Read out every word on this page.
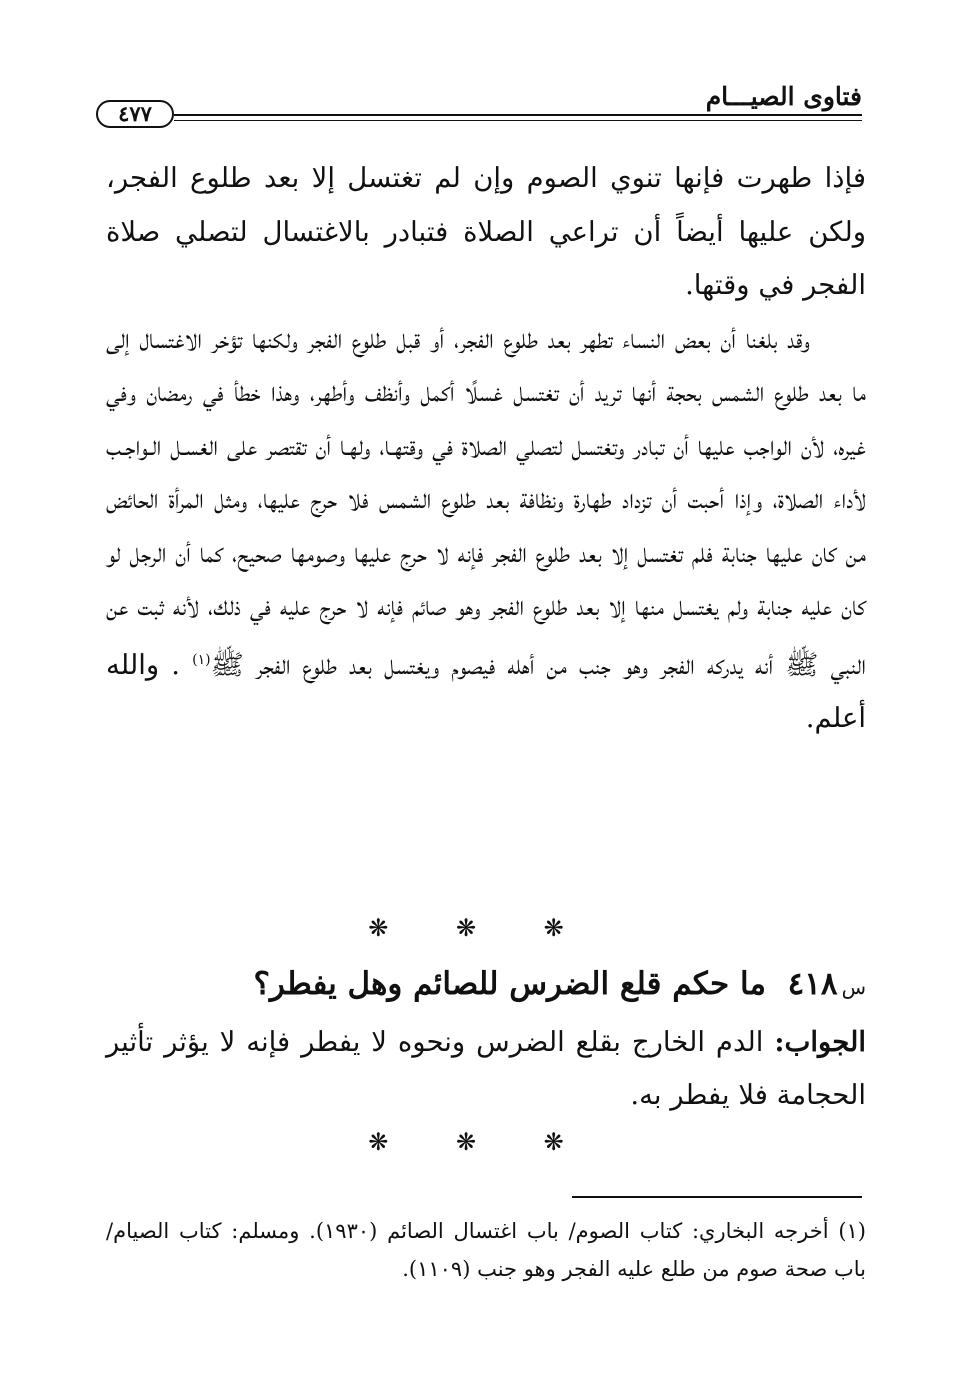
فتاوى الصيـــام
٤٧٧

فإذا طهرت فإنها تنوي الصوم وإن لم تغتسل إلا بعد طلوع الفجر، ولكن عليها أيضاً أن تراعي الصلاة فتبادر بالاغتسال لتصلي صلاة الفجر في وقتها.

وقد بلغنا أن بعض النساء تطهر بعد طلوع الفجر، أو قبل طلوع الفجر ولكنها تؤخر الاغتسال إلى ما بعد طلوع الشمس بحجة أنها تريد أن تغتسل غسلًا أكمل وأنظف وأطهر، وهذا خطأ في رمضان وفي غيره، لأن الواجب عليها أن تبادر وتغتسل لتصلي الصلاة في وقتهـا، ولهـا أن تقتصر على الغسـل الـواجـب لأداء الصلاة، وإذا أحبت أن تزداد طهارة ونظافة بعد طلوع الشمس فلا حرج عليها، ومثل المرأة الحائض من كان عليها جنابة فلم تغتسل إلا بعد طلوع الفجر فإنه لا حرج عليها وصومها صحيح، كما أن الرجل لو كان عليه جنابة ولم يغتسل منها إلا بعد طلوع الفجر وهو صائم فإنه لا حرج عليه في ذلك، لأنه ثبت عن النبي ﷺ أنه يدركه الفجر وهو جنب من أهله فيصوم ويغتسل بعد طلوع الفجر ﷺ$^{(١)}$ . والله أعلم.

❋ ❋ ❋
س٤١٨  ما حكم قلع الضرس للصائم وهل يفطر؟

الجواب: الدم الخارج بقلع الضرس ونحوه لا يفطر فإنه لا يؤثر تأثير الحجامة فلا يفطر به.

❋ ❋ ❋

(١) أخرجه البخاري: كتاب الصوم/ باب اغتسال الصائم (١٩٣٠). ومسلم: كتاب الصيام/ باب صحة صوم من طلع عليه الفجر وهو جنب (١١٠٩).
